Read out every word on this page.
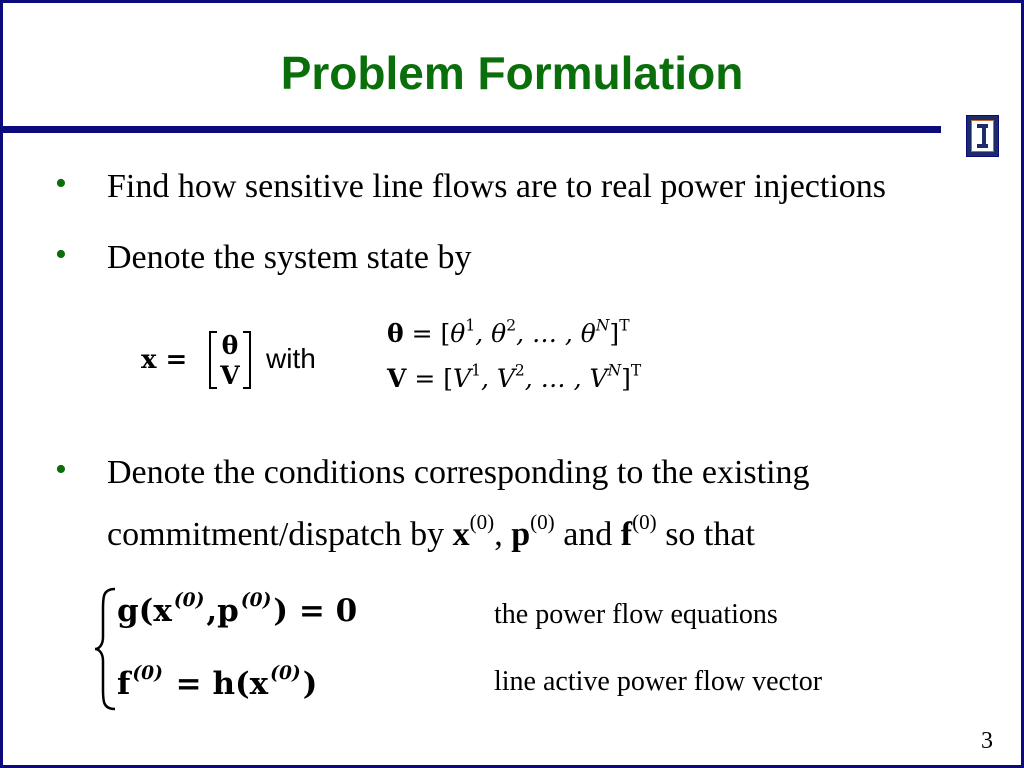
Problem Formulation
• Find how sensitive line flows are to real power injections
• Denote the system state by
x =	θ
V
with
$\theta = [\theta^1$, $\theta^2$, … , $\theta^N]^T$
$V = [V^1$, $V^2$, … , $V^N]^T$
• Denote the conditions corresponding to the existing
commitment/dispatch by $x^{(0)}$, $p^{(0)}$ and $f^{(0)}$ so that
g(x $^{(0)}$,p $^{(0)}$) = 0	the power flow equations
f $^{(0)}$ = h(x $^{(0)}$)	line active power flow vector
3
